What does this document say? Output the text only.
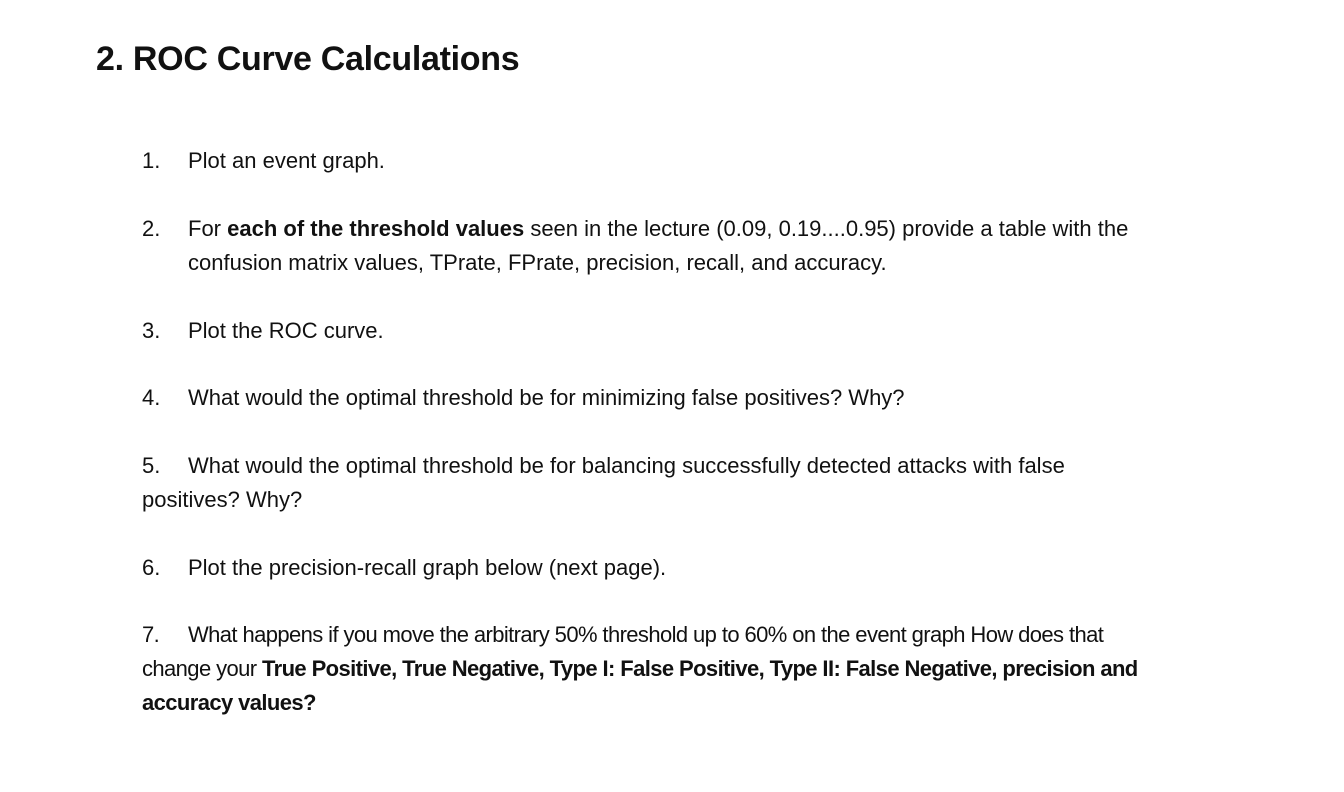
2. ROC Curve Calculations

1. Plot an event graph.

2. For each of the threshold values seen in the lecture (0.09, 0.19....0.95) provide a table with the
confusion matrix values, TPrate, FPrate, precision, recall, and accuracy.

3. Plot the ROC curve.

4. What would the optimal threshold be for minimizing false positives? Why?

5. What would the optimal threshold be for balancing successfully detected attacks with false
positives? Why?

6. Plot the precision-recall graph below (next page).

7. What happens if you move the arbitrary 50% threshold up to 60% on the event graph How does that
change your True Positive, True Negative, Type I: False Positive, Type II: False Negative, precision and
accuracy values?
